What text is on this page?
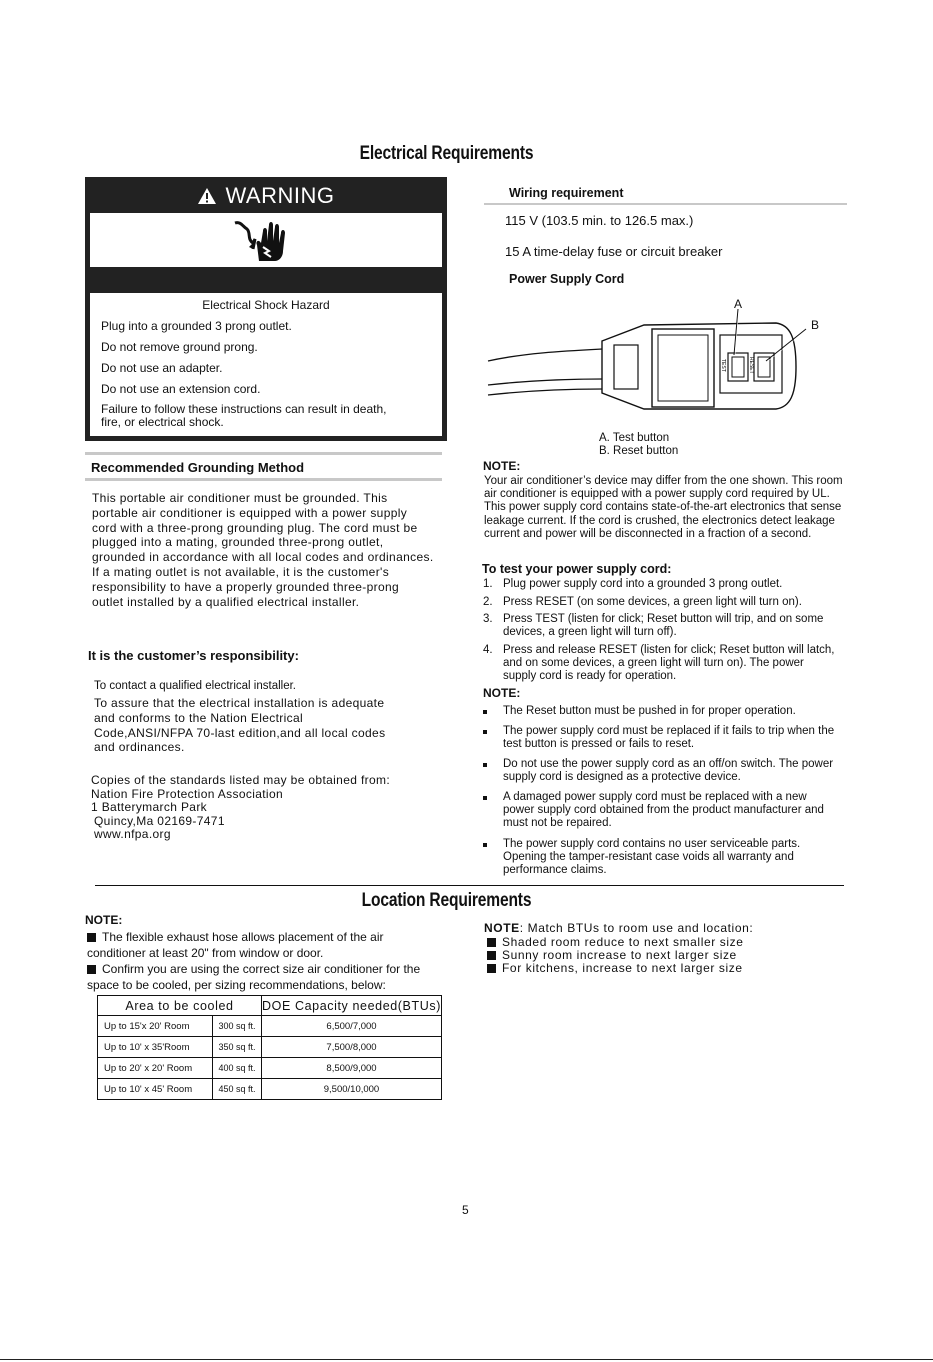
Electrical Requirements
WARNING
Electrical Shock Hazard
Plug into a grounded 3 prong outlet.
Do not remove ground prong.
Do not use an adapter.
Do not use an extension cord.
Failure to follow these instructions can result in death, fire, or electrical shock.
Recommended Grounding Method
This portable air conditioner must be grounded. This portable air conditioner is equipped with a power supply cord with a three-prong grounding plug. The cord must be plugged into a mating, grounded three-prong outlet, grounded in accordance with all local codes and ordinances. If a mating outlet is not available, it is the customer's responsibility to have a properly grounded three-prong outlet installed by a qualified electrical installer.
It is the customer’s responsibility:
To contact a qualified electrical installer.
To assure that the electrical installation is adequate and conforms to the Nation Electrical Code,ANSI/NFPA 70-last edition,and all local codes and ordinances.
Copies of the standards listed may be obtained from:
Nation Fire Protection Association
1 Batterymarch Park
Quincy,Ma 02169-7471
www.nfpa.org
Wiring requirement
115 V (103.5 min. to 126.5 max.)
15 A time-delay fuse or circuit breaker
Power Supply Cord
TEST	RESET
A
B
A. Test button
B. Reset button
NOTE:
Your air conditioner’s device may differ from the one shown. This room air conditioner is equipped with a power supply cord required by UL. This power supply cord contains state-of-the-art electronics that sense leakage current. If the cord is crushed, the electronics detect leakage current and power will be disconnected in a fraction of a second.
To test your power supply cord:
1. Plug power supply cord into a grounded 3 prong outlet.
2. Press RESET (on some devices, a green light will turn on).
3. Press TEST (listen for click; Reset button will trip, and on some devices, a green light will turn off).
4. Press and release RESET (listen for click; Reset button will latch, and on some devices, a green light will turn on). The power supply cord is ready for operation.
NOTE:
The Reset button must be pushed in for proper operation.
The power supply cord must be replaced if it fails to trip when the test button is pressed or fails to reset.
Do not use the power supply cord as an off/on switch. The power supply cord is designed as a protective device.
A damaged power supply cord must be replaced with a new power supply cord obtained from the product manufacturer and must not be repaired.
The power supply cord contains no user serviceable parts. Opening the tamper-resistant case voids all warranty and performance claims.
Location Requirements
NOTE:
The flexible exhaust hose allows placement of the air conditioner at least 20" from window or door.
Confirm you are using the correct size air conditioner for the space to be cooled, per sizing recommendations, below:
Area to be cooled		DOE Capacity needed(BTUs)
Up to 15'x 20' Room	300 sq ft.	6,500/7,000
Up to 10' x 35'Room	350 sq ft.	7,500/8,000
Up to 20' x 20' Room	400 sq ft.	8,500/9,000
Up to 10' x 45' Room	450 sq ft.	9,500/10,000
NOTE: Match BTUs to room use and location:
Shaded room reduce to next smaller size
Sunny room increase to next larger size
For kitchens, increase to next larger size
5
